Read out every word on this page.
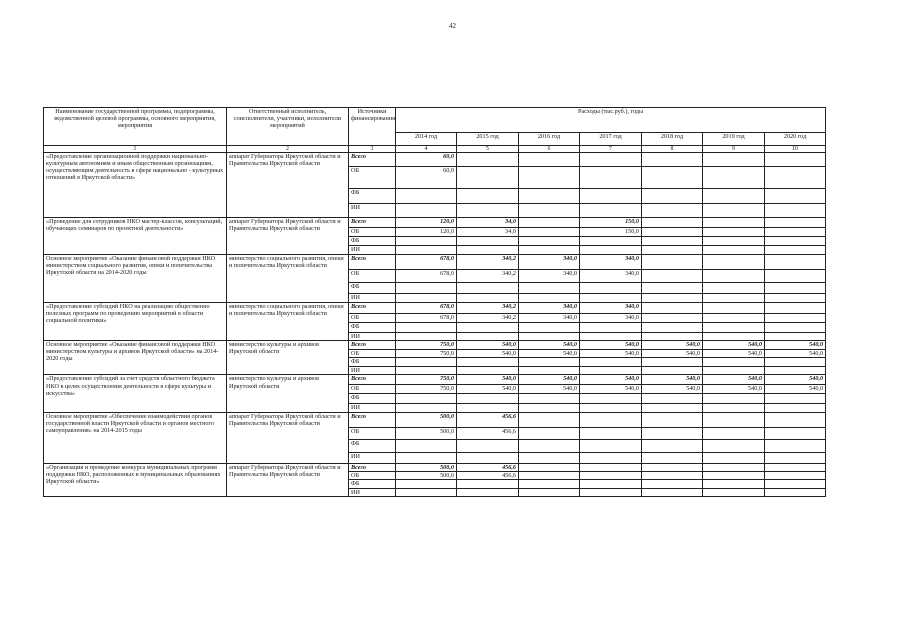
42
Наименование государственной программы, подпрограммы, ведомственной целевой программы, основного мероприятия, мероприятия	Ответственный исполнитель, соисполнители, участники, исполнители мероприятий	Источники финансирования	Расходы (тыс.руб.), годы						
			2014 год	2015 год	2016 год	2017 год	2018 год	2019 год	2020 год
1	2	3	4	5	6	7	8	9	10
«Предоставление организационной поддержки национально-культурным автономиям и иным общественным организациям, осуществляющим деятельность в сфере национально - культурных отношений в Иркутской области»	аппарат Губернатора Иркутской области и Правительства Иркутской области	Всего	60,0						
		ОБ	60,0						
		ФБ							
		ИИ							
«Проведение для сотрудников НКО мастер-классов, консультаций, обучающих семинаров по проектной деятельности»	аппарат Губернатора Иркутской области и Правительства Иркутской области	Всего	120,0	34,0		150,0			
		ОБ	120,0	34,0		150,0			
		ФБ							
		ИИ							
Основное мероприятие «Оказание финансовой поддержки НКО министерством социального развития, опеки и попечительства Иркутской области на 2014-2020 годы	министерство социального развития, опеки и попечительства Иркутской области	Всего	678,0	340,2	340,0	340,0			
		ОБ	678,0	340,2	340,0	340,0			
		ФБ							
		ИИ							
«Предоставление субсидий НКО на реализацию общественно полезных программ по проведению мероприятий в области социальной политики»	министерство социального развития, опеки и попечительства Иркутской области	Всего	678,0	340,2	340,0	340,0			
		ОБ	678,0	340,2	340,0	340,0			
		ФБ							
		ИИ							
Основное мероприятие «Оказание финансовой поддержки НКО министерством культуры и архивов Иркутской области» на 2014-2020 годы	министерство культуры и архивов Иркутской области	Всего	750,0	540,0	540,0	540,0	540,0	540,0	540,0
		ОБ	750,0	540,0	540,0	540,0	540,0	540,0	540,0
		ФБ							
		ИИ							
«Предоставление субсидий за счет средств областного бюджета НКО в целях осуществления деятельности в сфере культуры и искусства»	министерство культуры и архивов Иркутской области	Всего	750,0	540,0	540,0	540,0	540,0	540,0	540,0
		ОБ	750,0	540,0	540,0	540,0	540,0	540,0	540,0
		ФБ							
		ИИ							
Основное мероприятие «Обеспечение взаимодействия органов государственной власти Иркутской области и органов местного самоуправления» на 2014-2015 годы	аппарат Губернатора Иркутской области и Правительства Иркутской области	Всего	500,0	456,6					
		ОБ	500,0	456,6					
		ФБ							
		ИИ							
«Организация и проведение конкурса муниципальных программ поддержки НКО, расположенных в муниципальных образованиях Иркутской области»	аппарат Губернатора Иркутской области и Правительства Иркутской области	Всего	500,0	456,6					
		ОБ	500,0	456,6					
		ФБ							
		ИИ							
